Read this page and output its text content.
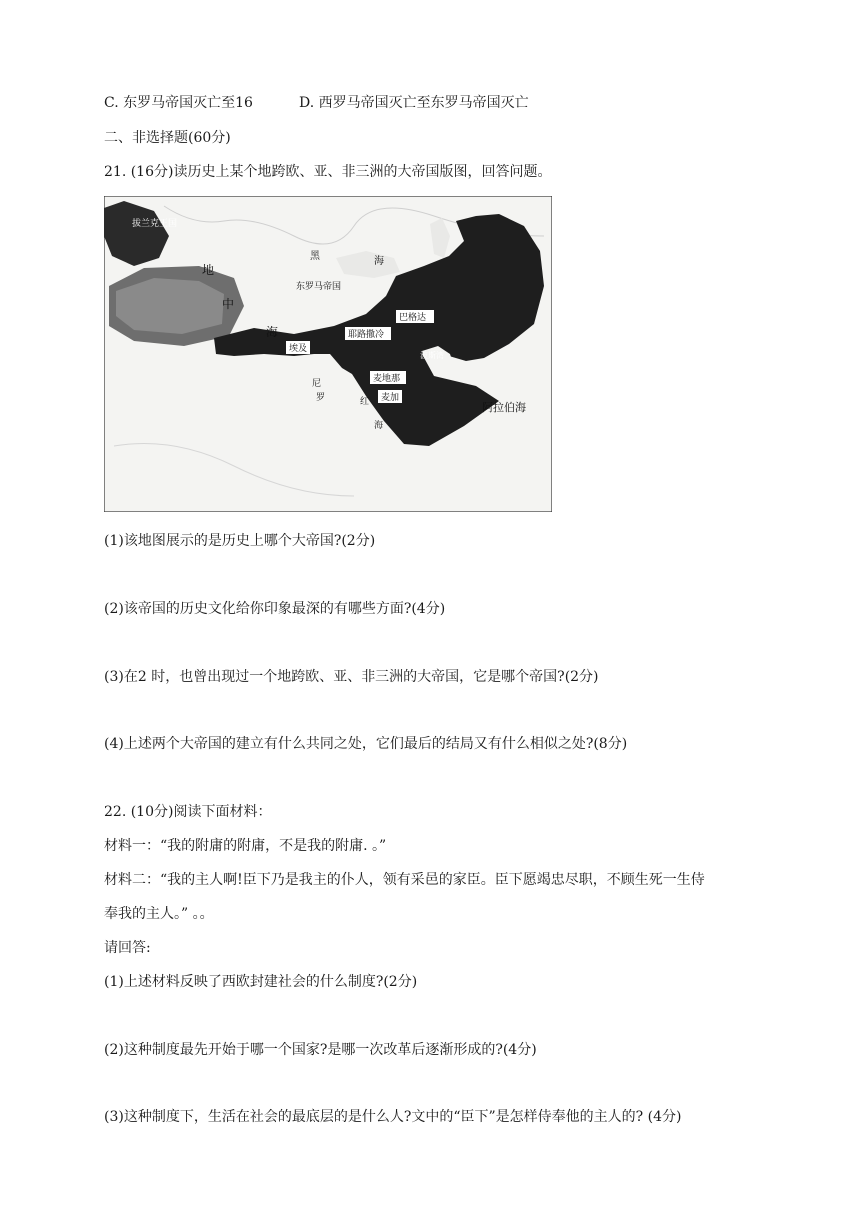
C. 东罗马帝国灭亡至16	D. 西罗马帝国灭亡至东罗马帝国灭亡
二、非选择题(60分)
21. (16分)读历史上某个地跨欧、亚、非三洲的大帝国版图，回答问题。
拔兰克王国
地
中
海
黑	海
东罗马帝国
巴格达
耶路撒冷
埃及
麦地那
麦加
阿拉伯海
尼
罗	红
海
波斯湾
(1)该地图展示的是历史上哪个大帝国?(2分)
(2)该帝国的历史文化给你印象最深的有哪些方面?(4分)
(3)在2 时，也曾出现过一个地跨欧、亚、非三洲的大帝国，它是哪个帝国?(2分)
(4)上述两个大帝国的建立有什么共同之处，它们最后的结局又有什么相似之处?(8分)
22. (10分)阅读下面材料：
材料一：“我的附庸的附庸，不是我的附庸. 。”
材料二：“我的主人啊!臣下乃是我主的仆人，领有采邑的家臣。臣下愿竭忠尽职，不顾生死一生侍
奉我的主人。” 。。
请回答:
(1)上述材料反映了西欧封建社会的什么制度?(2分)
(2)这种制度最先开始于哪一个国家?是哪一次改革后逐渐形成的?(4分)
(3)这种制度下，生活在社会的最底层的是什么人?文中的“臣下”是怎样侍奉他的主人的? (4分)
